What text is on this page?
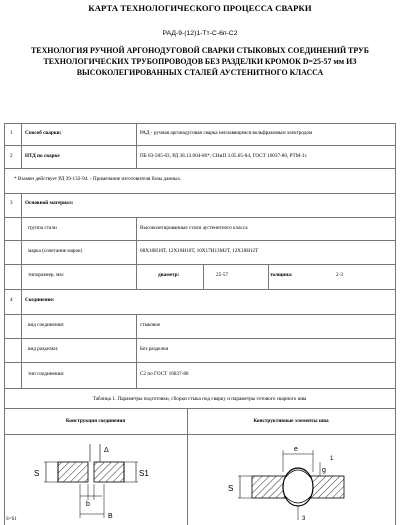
КАРТА ТЕХНОЛОГИЧЕСКОГО ПРОЦЕССА СВАРКИ
РАД-9-(12)1-Тт-С-6п-С2
ТЕХНОЛОГИЯ РУЧНОЙ АРГОНОДУГОВОЙ СВАРКИ СТЫКОВЫХ СОЕДИНЕНИЙ ТРУБ
ТЕХНОЛОГИЧЕСКИХ ТРУБОПРОВОДОВ БЕЗ РАЗДЕЛКИ КРОМОК D=25-57 мм ИЗ
ВЫСОКОЛЕГИРОВАННЫХ СТАЛЕЙ АУСТЕНИТНОГО КЛАССА
1 Способ сварки:	РАД - ручная аргонодуговая сварка неплавящимся вольфрамовым электродом
2 НТД по сварке	ПБ 03-585-03, РД 38.13.004-86*, СНиП 3.05.05-84, ГОСТ 16037-80, РТМ-1с
* Взамен действует РД 39-132-94. - Примечание изготовителя базы данных.
3 Основной материал:
группа стали	Высоколегированные стали аустенитного класса
марка (сочетание марок)	08Х18Н10Т, 12Х18Н10Т, 10Х17Н13М2Т, 12Х18Н12Т
типоразмер, мм:	диаметр:	25-57	толщина:	2-3
4 Соединение:
вид соединения:	стыковое
вид разделки:	Без разделки
тип соединения:	С2 по ГОСТ 16037-80
Таблица 1. Параметры подготовки, сборки стыка под сварку и параметры готового сварного шва
Конструкция соединения	Конструктивные элементы шва
Δ
S	S1
b
B
S=S1
e
g
1
S
3
